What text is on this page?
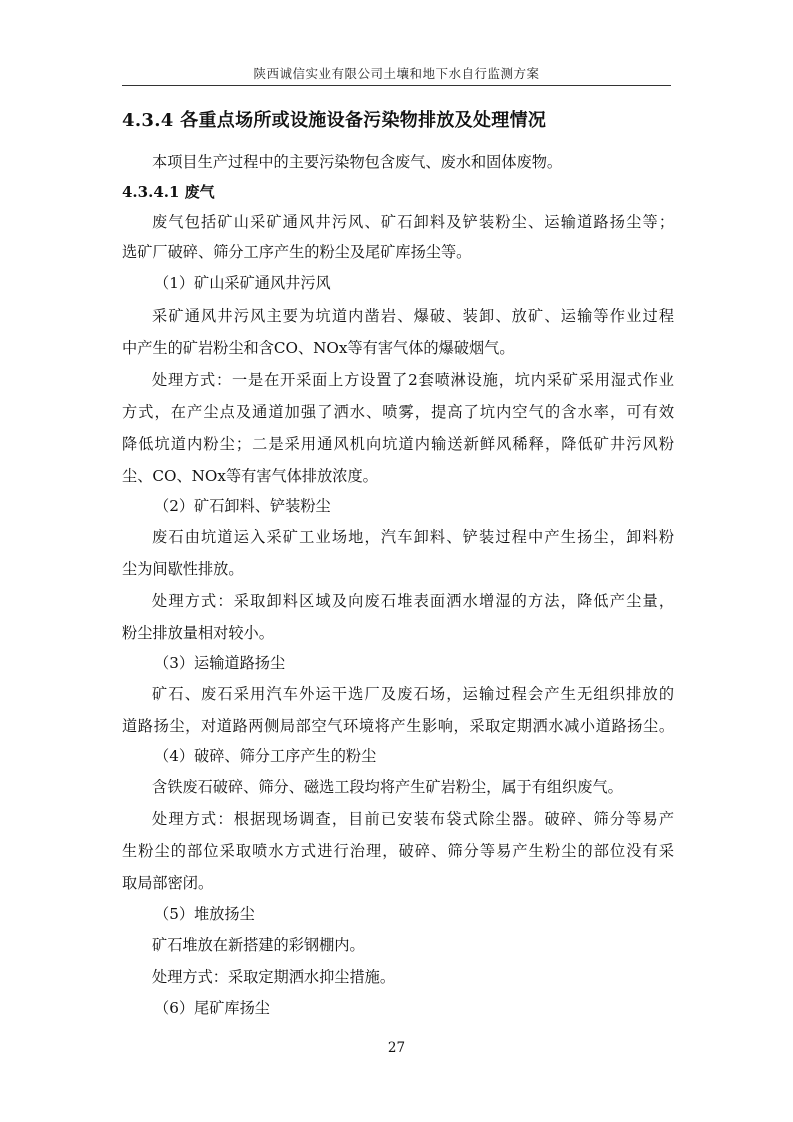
陕西诚信实业有限公司土壤和地下水自行监测方案
4.3.4 各重点场所或设施设备污染物排放及处理情况
本项目生产过程中的主要污染物包含废气、废水和固体废物。
4.3.4.1 废气
废气包括矿山采矿通风井污风、矿石卸料及铲装粉尘、运输道路扬尘等；
选矿厂破碎、筛分工序产生的粉尘及尾矿库扬尘等。
（1）矿山采矿通风井污风
采矿通风井污风主要为坑道内凿岩、爆破、装卸、放矿、运输等作业过程
中产生的矿岩粉尘和含CO、NOx等有害气体的爆破烟气。
处理方式：一是在开采面上方设置了2套喷淋设施，坑内采矿采用湿式作业
方式，在产尘点及通道加强了洒水、喷雾，提高了坑内空气的含水率，可有效
降低坑道内粉尘；二是采用通风机向坑道内输送新鲜风稀释，降低矿井污风粉
尘、CO、NOx等有害气体排放浓度。
（2）矿石卸料、铲装粉尘
废石由坑道运入采矿工业场地，汽车卸料、铲装过程中产生扬尘，卸料粉
尘为间歇性排放。
处理方式：采取卸料区域及向废石堆表面洒水增湿的方法，降低产尘量，
粉尘排放量相对较小。
（3）运输道路扬尘
矿石、废石采用汽车外运干选厂及废石场，运输过程会产生无组织排放的
道路扬尘，对道路两侧局部空气环境将产生影响，采取定期洒水减小道路扬尘。
（4）破碎、筛分工序产生的粉尘
含铁废石破碎、筛分、磁选工段均将产生矿岩粉尘，属于有组织废气。
处理方式：根据现场调查，目前已安装布袋式除尘器。破碎、筛分等易产
生粉尘的部位采取喷水方式进行治理，破碎、筛分等易产生粉尘的部位没有采
取局部密闭。
（5）堆放扬尘
矿石堆放在新搭建的彩钢棚内。
处理方式：采取定期洒水抑尘措施。
（6）尾矿库扬尘
27
